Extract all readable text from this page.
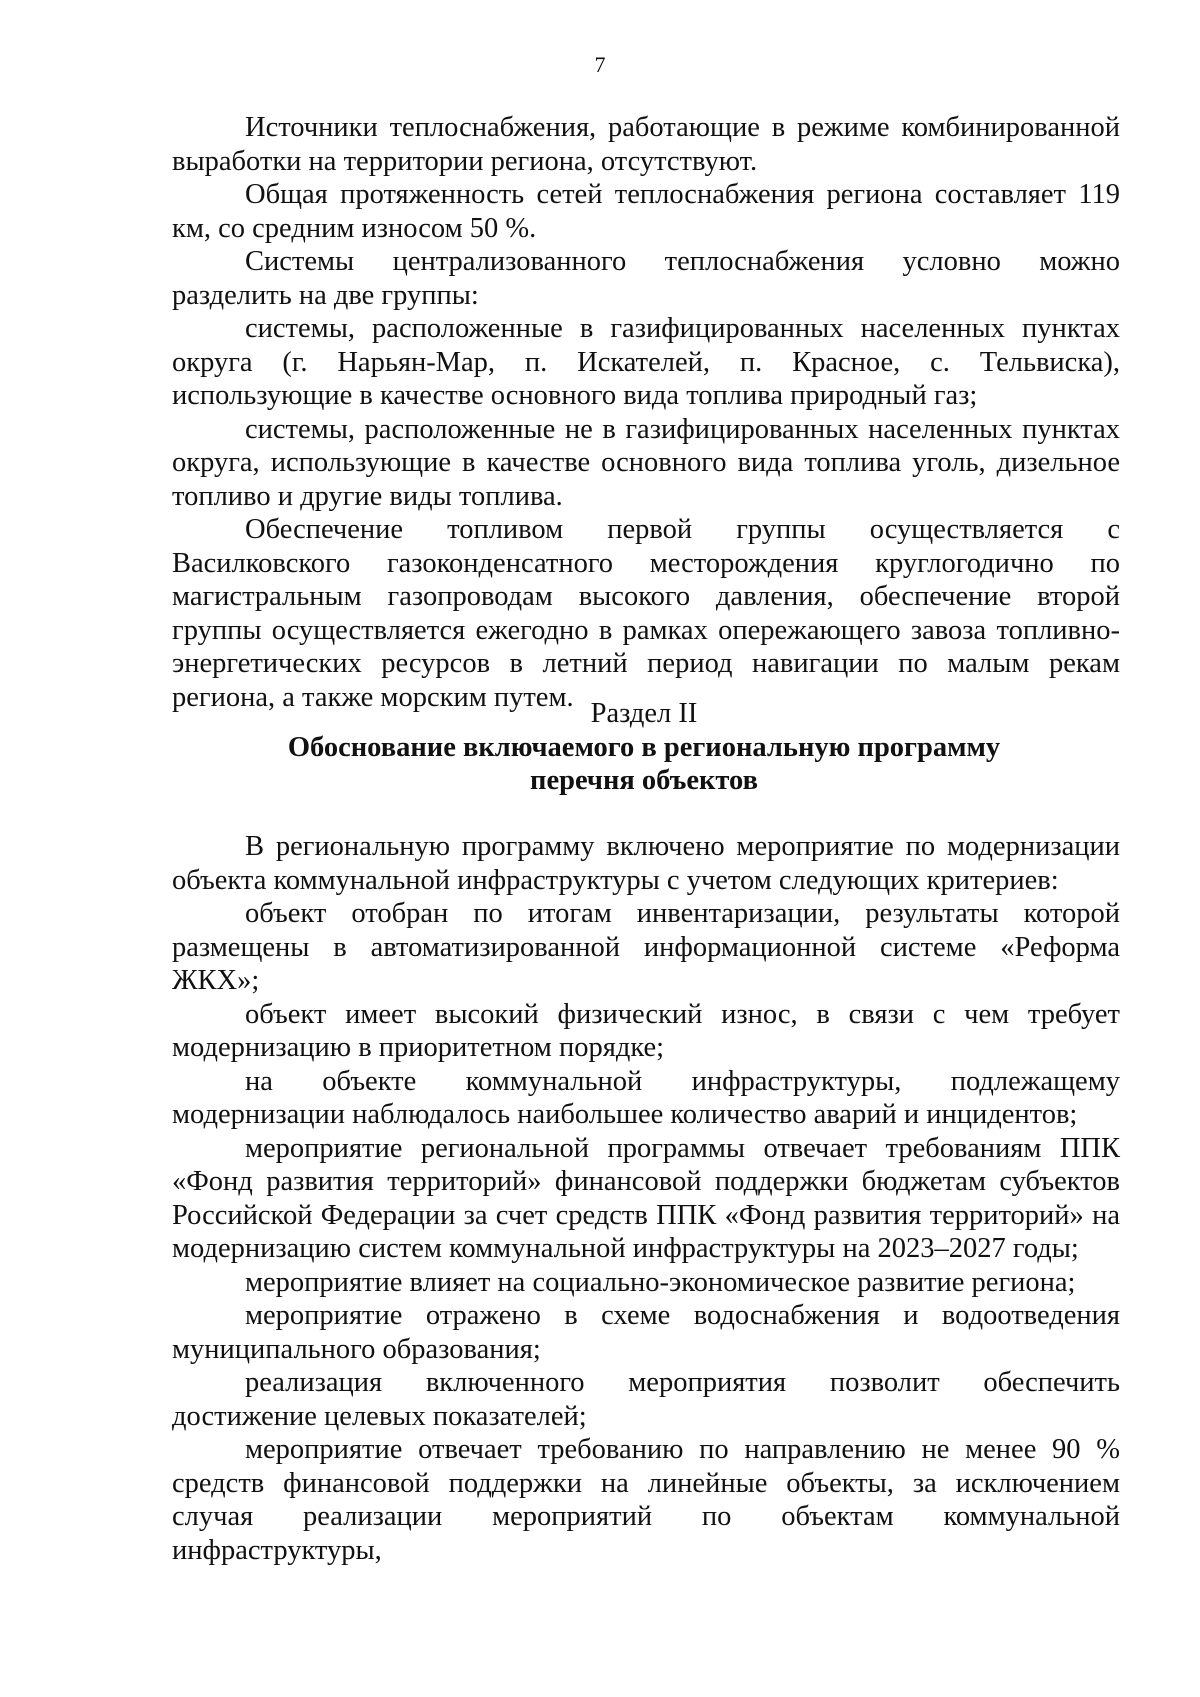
7

Источники теплоснабжения, работающие в режиме комбинированной выработки на территории региона, отсутствуют.

Общая протяженность сетей теплоснабжения региона составляет 119 км, со средним износом 50 %.

Системы централизованного теплоснабжения условно можно разделить на две группы:

системы, расположенные в газифицированных населенных пунктах округа (г. Нарьян-Мар, п. Искателей, п. Красное, с. Тельвиска), использующие в качестве основного вида топлива природный газ;

системы, расположенные не в газифицированных населенных пунктах округа, использующие в качестве основного вида топлива уголь, дизельное топливо и другие виды топлива.

Обеспечение топливом первой группы осуществляется с Василковского газоконденсатного месторождения круглогодично по магистральным газопроводам высокого давления, обеспечение второй группы осуществляется ежегодно в рамках опережающего завоза топливно-энергетических ресурсов в летний период навигации по малым рекам региона, а также морским путем.

Раздел II
Обоснование включаемого в региональную программу
перечня объектов

В региональную программу включено мероприятие по модернизации объекта коммунальной инфраструктуры с учетом следующих критериев:

объект отобран по итогам инвентаризации, результаты которой размещены в автоматизированной информационной системе «Реформа ЖКХ»;

объект имеет высокий физический износ, в связи с чем требует модернизацию в приоритетном порядке;

на объекте коммунальной инфраструктуры, подлежащему модернизации наблюдалось наибольшее количество аварий и инцидентов;

мероприятие региональной программы отвечает требованиям ППК «Фонд развития территорий» финансовой поддержки бюджетам субъектов Российской Федерации за счет средств ППК «Фонд развития территорий» на модернизацию систем коммунальной инфраструктуры на 2023–2027 годы;

мероприятие влияет на социально-экономическое развитие региона;

мероприятие отражено в схеме водоснабжения и водоотведения муниципального образования;

реализация включенного мероприятия позволит обеспечить достижение целевых показателей;

мероприятие отвечает требованию по направлению не менее 90 % средств финансовой поддержки на линейные объекты, за исключением случая реализации мероприятий по объектам коммунальной инфраструктуры,
